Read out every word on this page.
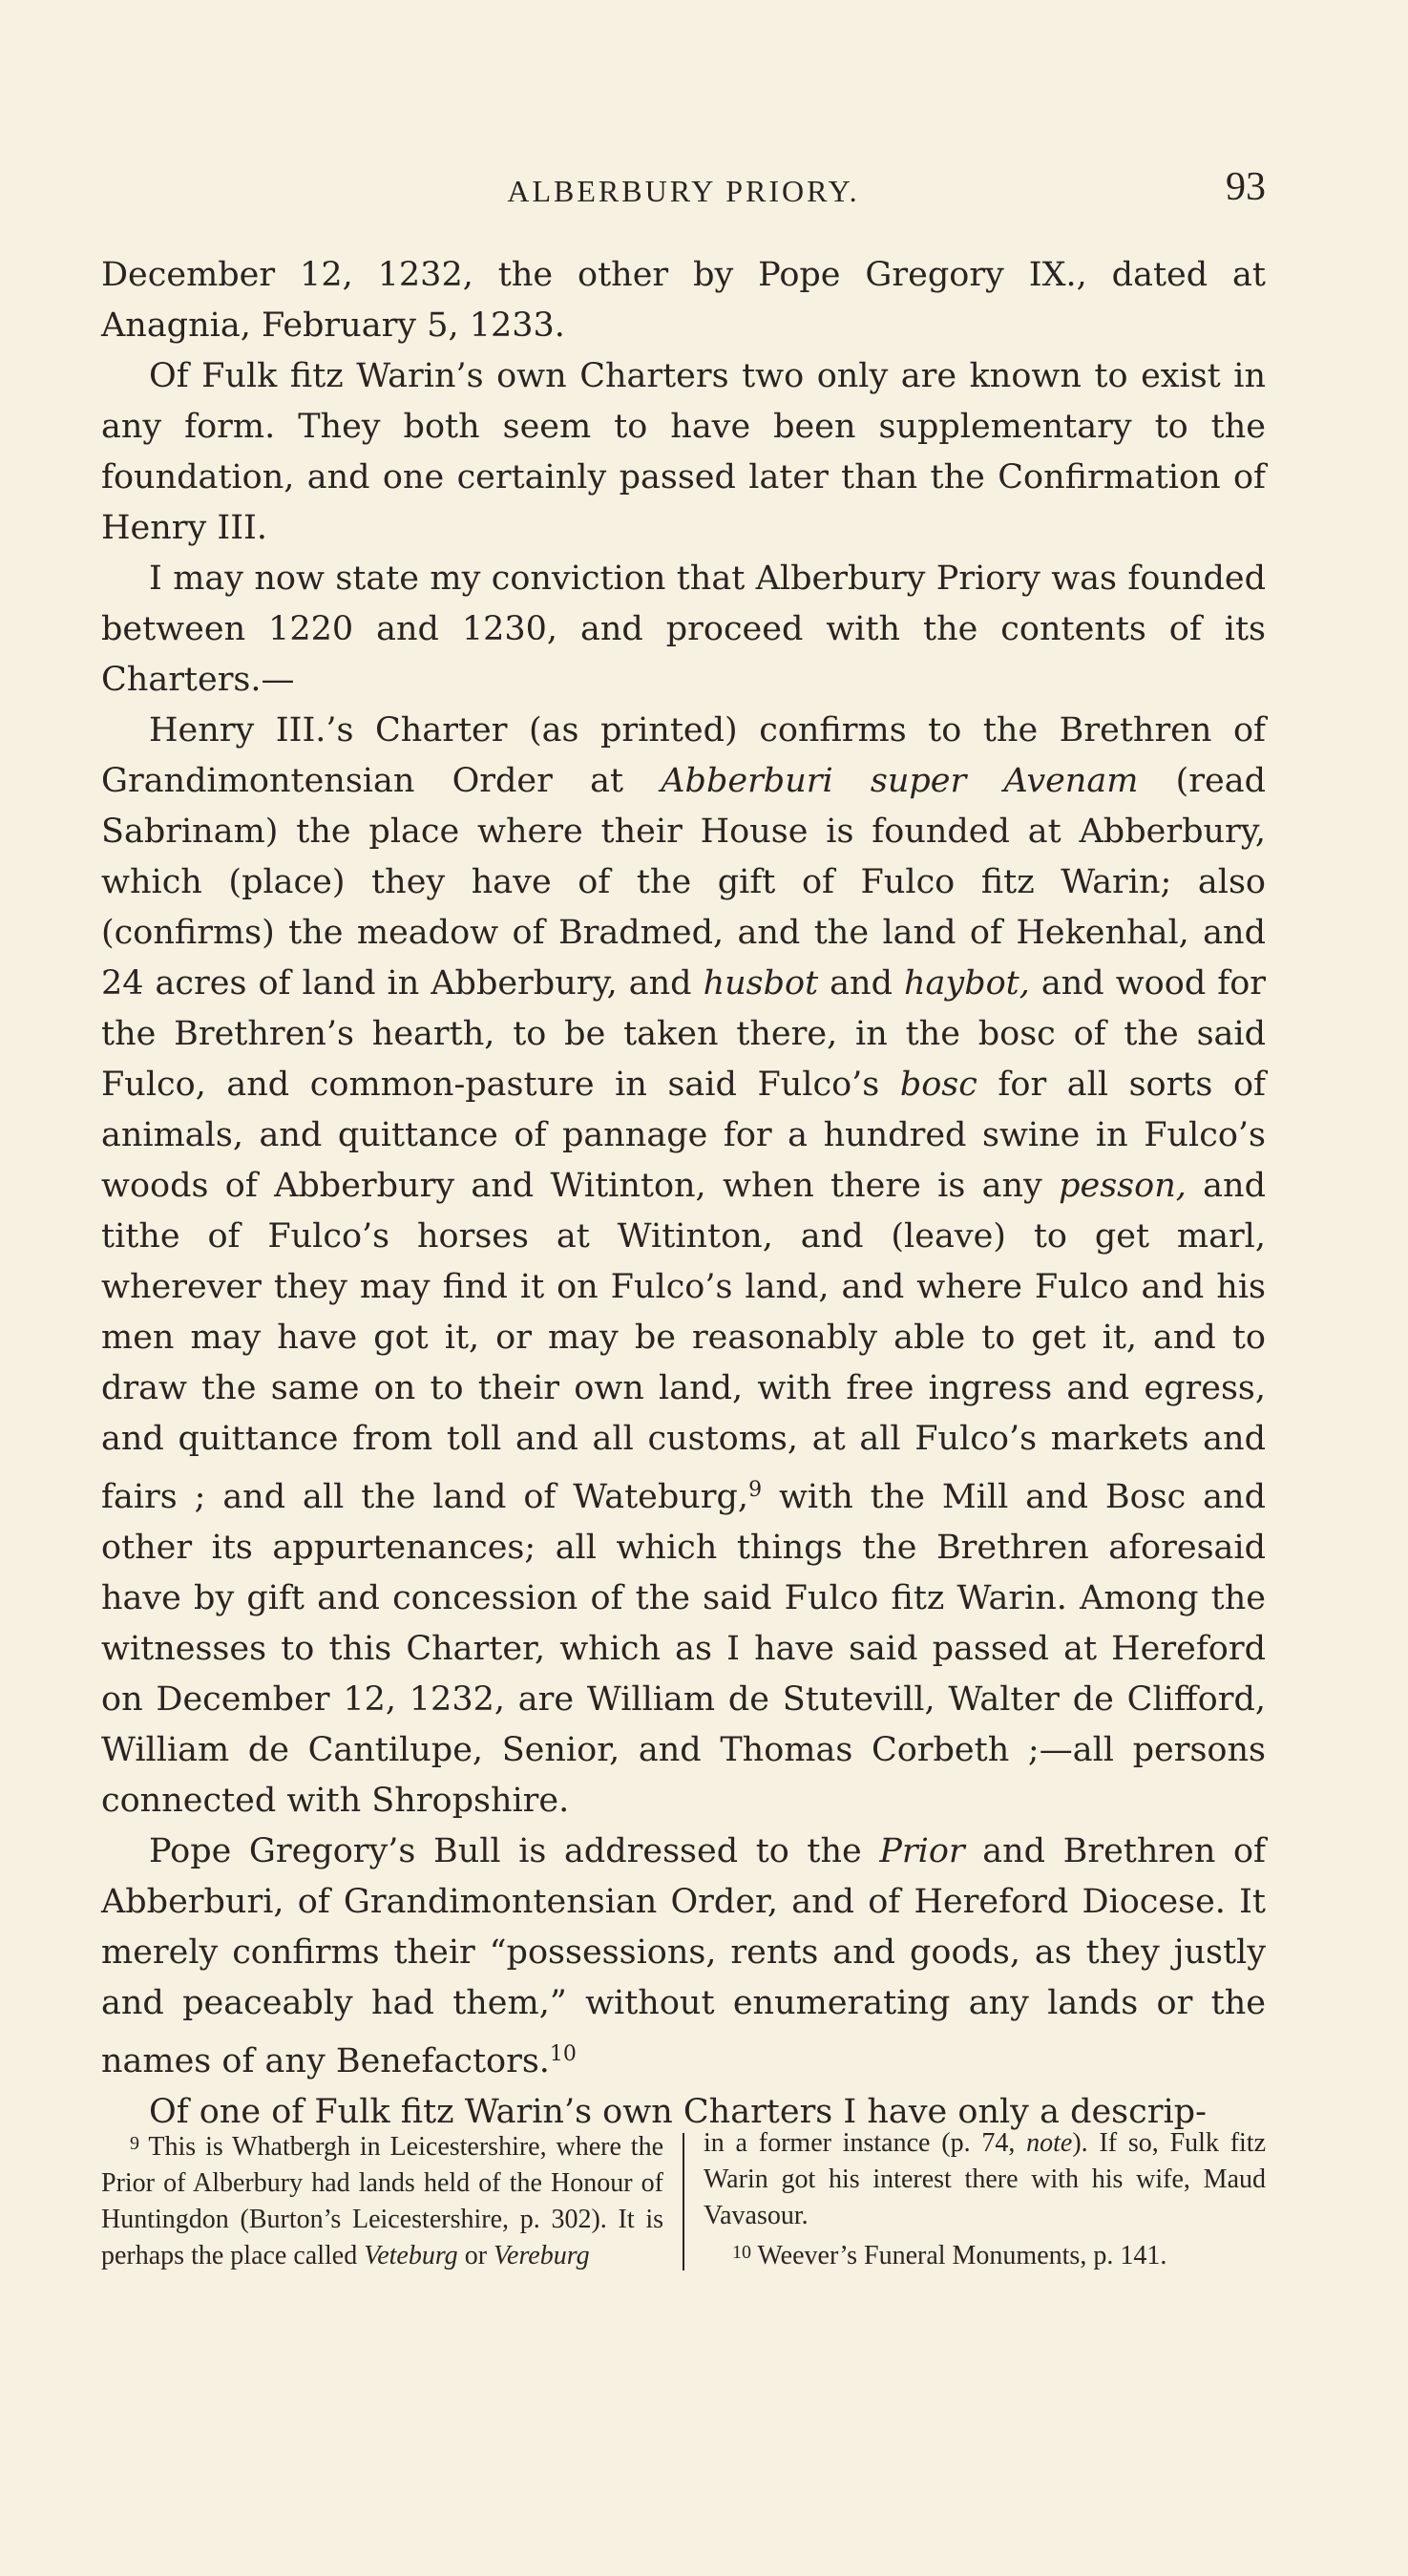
ALBERBURY PRIORY.	93

December 12, 1232, the other by Pope Gregory IX., dated at Anagnia, February 5, 1233.

Of Fulk fitz Warin’s own Charters two only are known to exist in any form. They both seem to have been supplementary to the foundation, and one certainly passed later than the Confirmation of Henry III.

I may now state my conviction that Alberbury Priory was founded between 1220 and 1230, and proceed with the contents of its Charters.—

Henry III.’s Charter (as printed) confirms to the Brethren of Grandimontensian Order at Abberburi super Avenam (read Sabrinam) the place where their House is founded at Abberbury, which (place) they have of the gift of Fulco fitz Warin; also (confirms) the meadow of Bradmed, and the land of Hekenhal, and 24 acres of land in Abberbury, and husbot and haybot, and wood for the Brethren’s hearth, to be taken there, in the bosc of the said Fulco, and common-pasture in said Fulco’s bosc for all sorts of animals, and quittance of pannage for a hundred swine in Fulco’s woods of Abberbury and Witinton, when there is any pesson, and tithe of Fulco’s horses at Witinton, and (leave) to get marl, wherever they may find it on Fulco’s land, and where Fulco and his men may have got it, or may be reasonably able to get it, and to draw the same on to their own land, with free ingress and egress, and quittance from toll and all customs, at all Fulco’s markets and fairs ; and all the land of Wateburg,$^9$ with the Mill and Bosc and other its appurtenances; all which things the Brethren aforesaid have by gift and concession of the said Fulco fitz Warin. Among the witnesses to this Charter, which as I have said passed at Hereford on December 12, 1232, are William de Stutevill, Walter de Clifford, William de Cantilupe, Senior, and Thomas Corbeth ;—all persons connected with Shropshire.

Pope Gregory’s Bull is addressed to the Prior and Brethren of Abberburi, of Grandimontensian Order, and of Hereford Diocese. It merely confirms their “possessions, rents and goods, as they justly and peaceably had them,” without enumerating any lands or the names of any Benefactors.$^{10}$

Of one of Fulk fitz Warin’s own Charters I have only a descrip-

$^9$ This is Whatbergh in Leicestershire, where the Prior of Alberbury had lands held of the Honour of Huntingdon (Burton’s Leicestershire, p. 302). It is perhaps the place called Veteburg or Vereburg

in a former instance (p. 74, note). If so, Fulk fitz Warin got his interest there with his wife, Maud Vavasour.

$^{10}$ Weever’s Funeral Monuments, p. 141.
